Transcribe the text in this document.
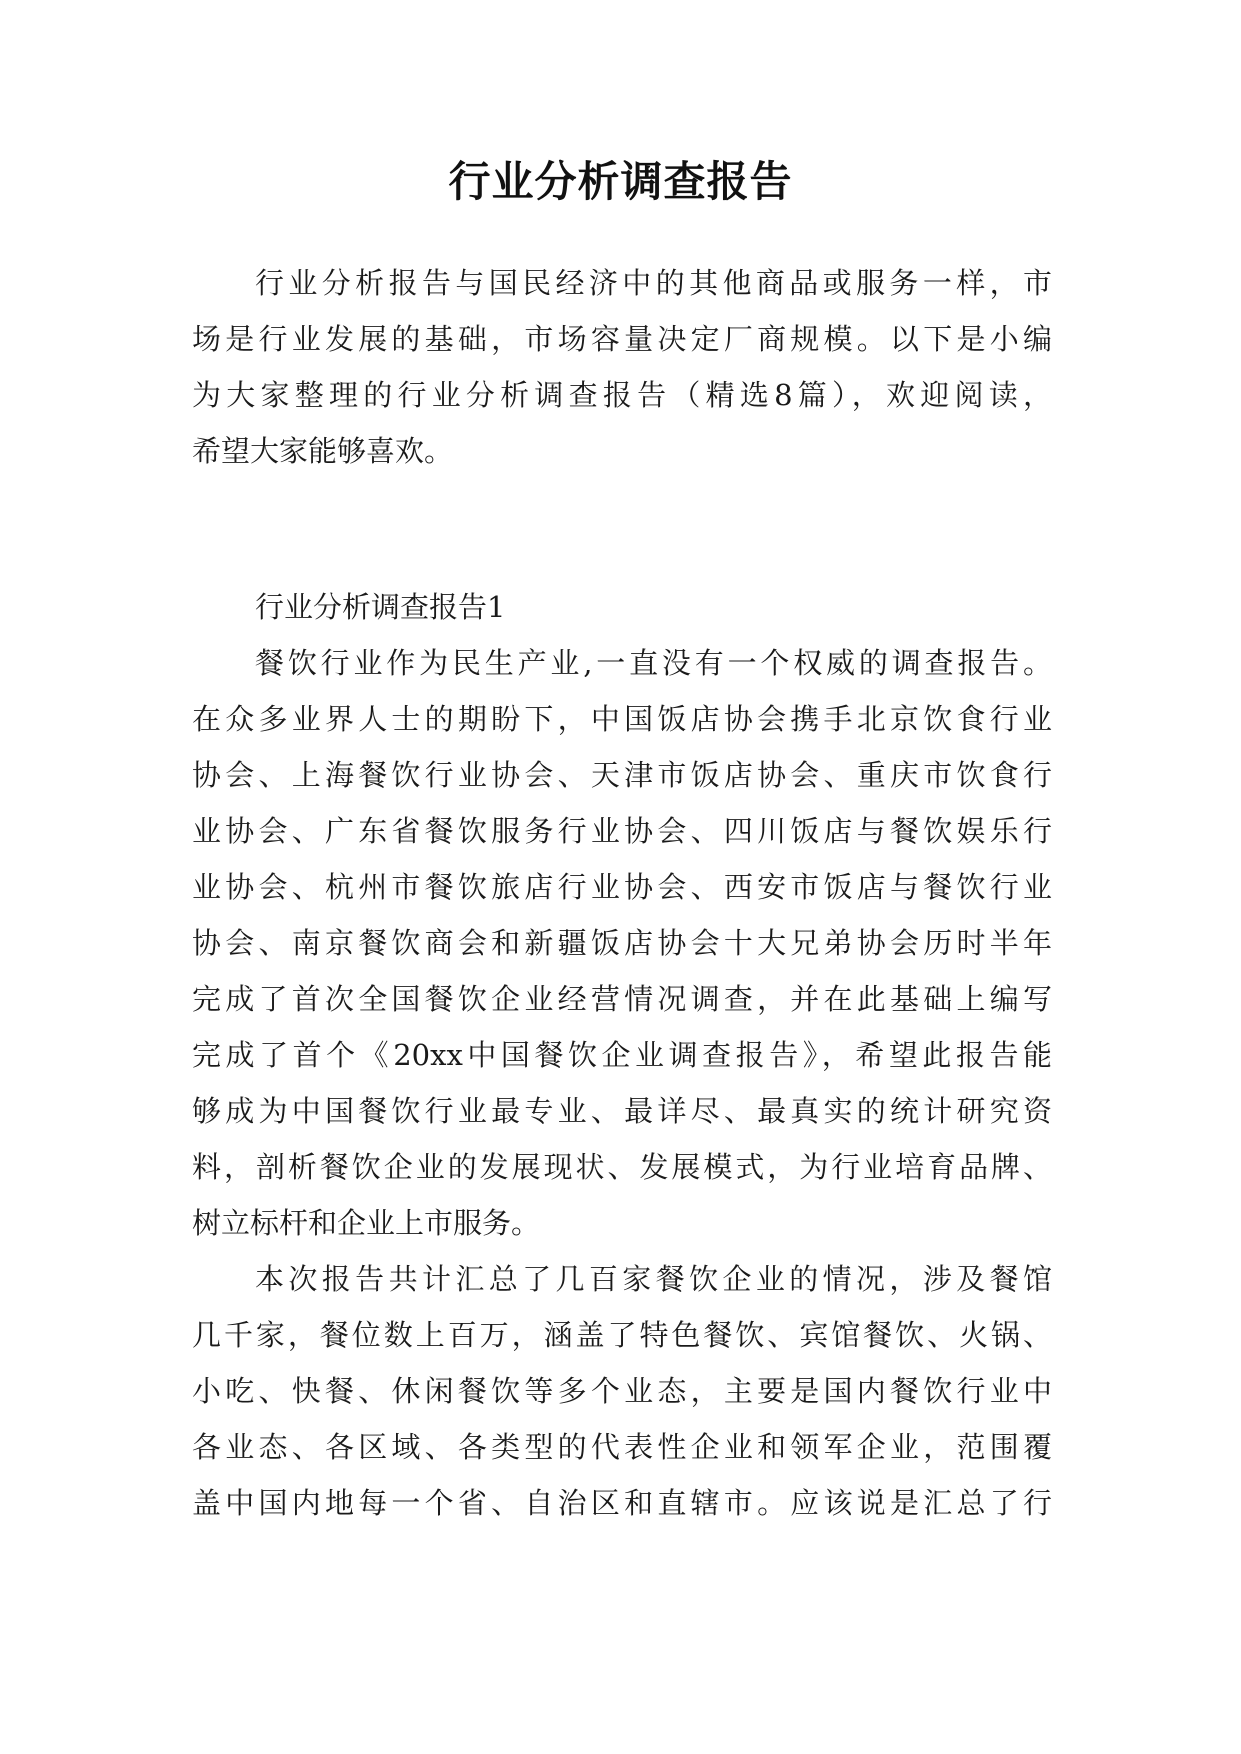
行业分析调查报告
行业分析报告与国民经济中的其他商品或服务一样，市
场是行业发展的基础，市场容量决定厂商规模。以下是小编
为大家整理的行业分析调查报告（精选8篇），欢迎阅读，
希望大家能够喜欢。
行业分析调查报告1
餐饮行业作为民生产业,一直没有一个权威的调查报告。
在众多业界人士的期盼下，中国饭店协会携手北京饮食行业
协会、上海餐饮行业协会、天津市饭店协会、重庆市饮食行
业协会、广东省餐饮服务行业协会、四川饭店与餐饮娱乐行
业协会、杭州市餐饮旅店行业协会、西安市饭店与餐饮行业
协会、南京餐饮商会和新疆饭店协会十大兄弟协会历时半年
完成了首次全国餐饮企业经营情况调查，并在此基础上编写
完成了首个《20xx中国餐饮企业调查报告》，希望此报告能
够成为中国餐饮行业最专业、最详尽、最真实的统计研究资
料，剖析餐饮企业的发展现状、发展模式，为行业培育品牌、
树立标杆和企业上市服务。
本次报告共计汇总了几百家餐饮企业的情况，涉及餐馆
几千家，餐位数上百万，涵盖了特色餐饮、宾馆餐饮、火锅、
小吃、快餐、休闲餐饮等多个业态，主要是国内餐饮行业中
各业态、各区域、各类型的代表性企业和领军企业，范围覆
盖中国内地每一个省、自治区和直辖市。应该说是汇总了行
